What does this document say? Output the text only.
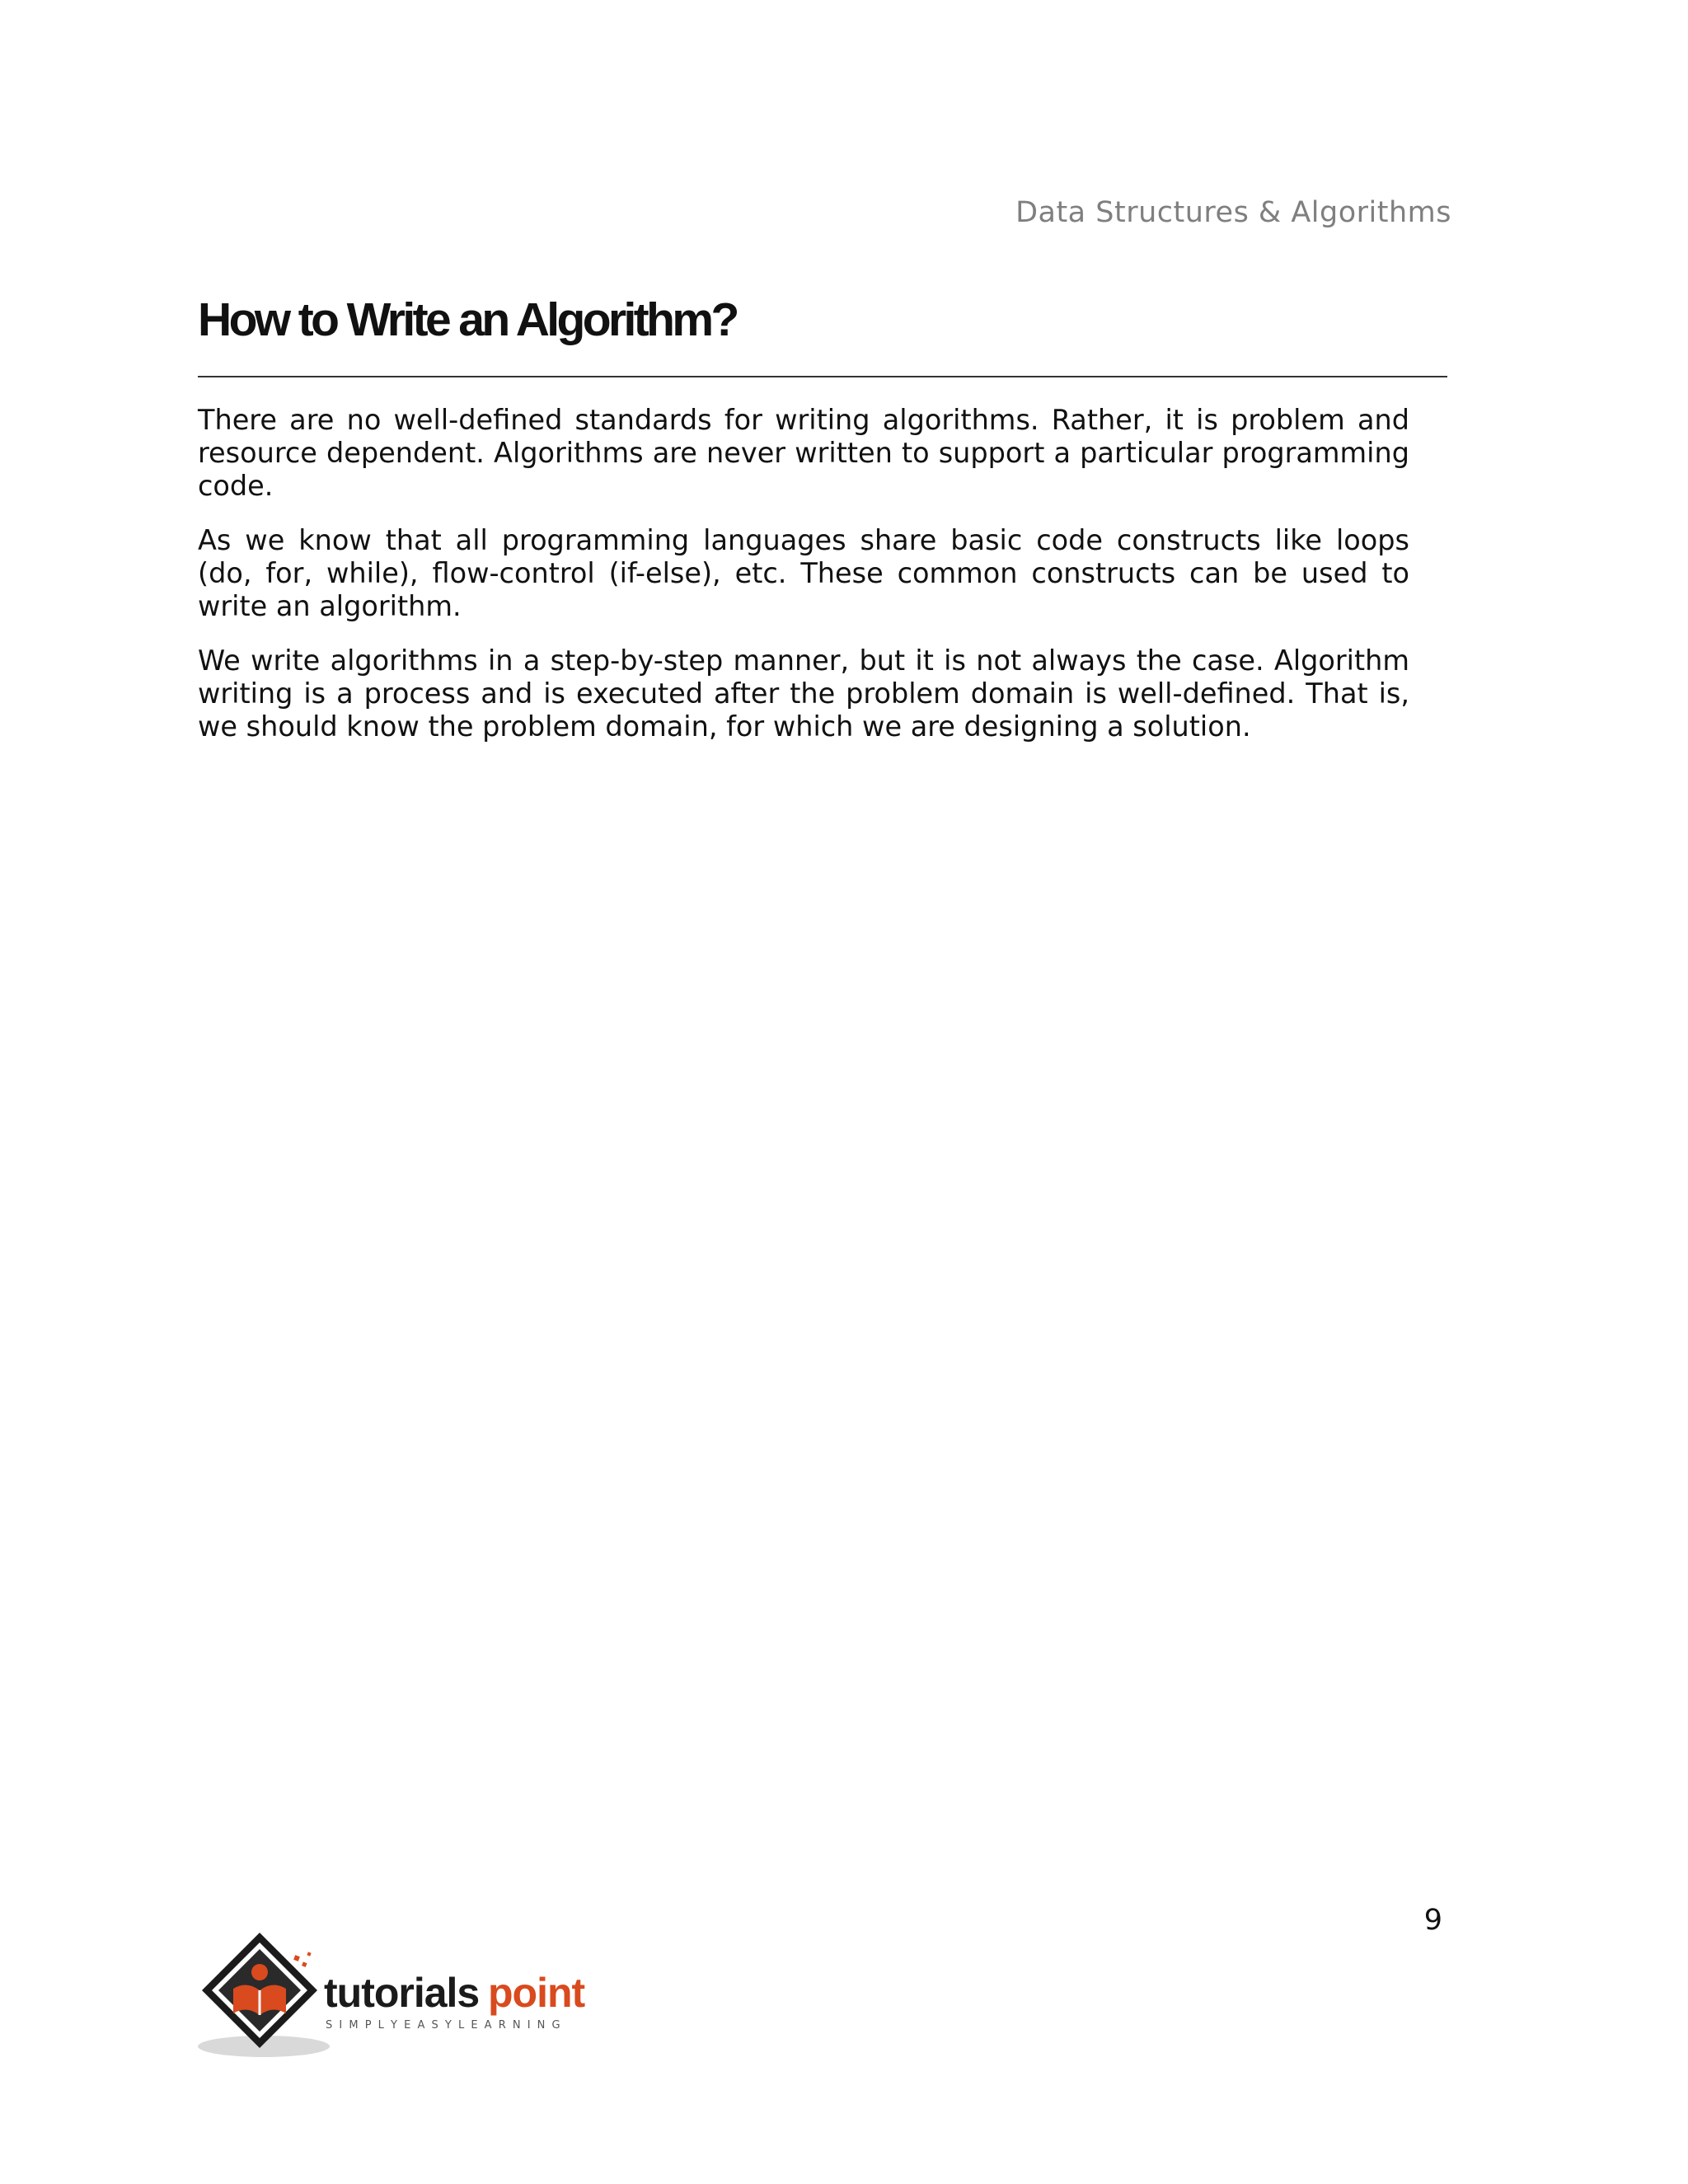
Data Structures & Algorithms
How to Write an Algorithm?

There are no well-defined standards for writing algorithms. Rather, it is problem and resource dependent. Algorithms are never written to support a particular programming code.

As we know that all programming languages share basic code constructs like loops (do, for, while), flow-control (if-else), etc. These common constructs can be used to write an algorithm.

We write algorithms in a step-by-step manner, but it is not always the case. Algorithm writing is a process and is executed after the problem domain is well-defined. That is, we should know the problem domain, for which we are designing a solution.

9
tutorials point
S I M P L Y E A S Y L E A R N I N G
